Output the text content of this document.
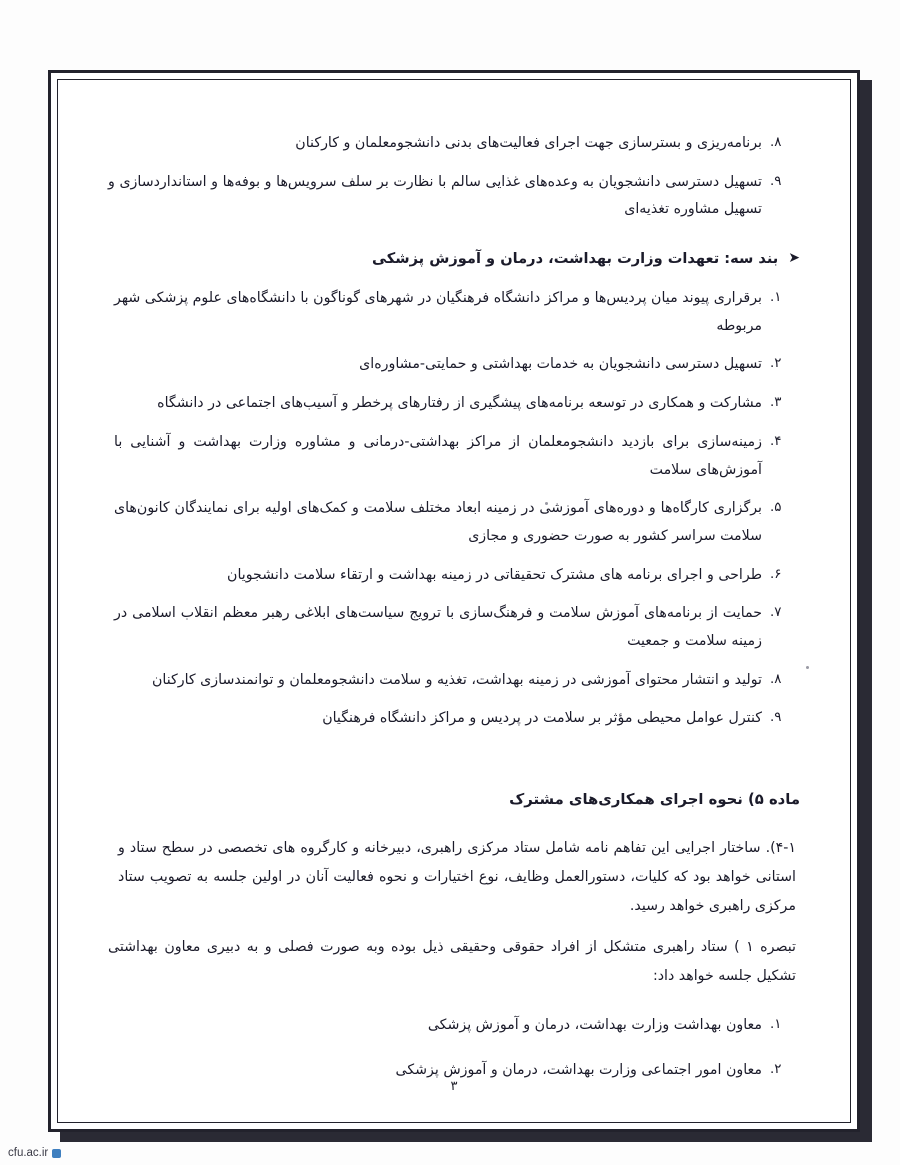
۸.
برنامه‌ریزی و بسترسازی جهت اجرای فعالیت‌های بدنی دانشجومعلمان و کارکنان
۹.
تسهیل دسترسی دانشجویان به وعده‌های غذایی سالم با نظارت بر سلف سرویس‌ها و بوفه‌ها و استانداردسازی و تسهیل مشاوره تغذیه‌ای
➤
بند سه: تعهدات وزارت بهداشت، درمان و آموزش پزشکی
۱.
برقراری پیوند میان پردیس‌ها و مراکز دانشگاه فرهنگیان در شهرهای گوناگون با دانشگاه‌های علوم پزشکی شهر مربوطه
۲.
تسهیل دسترسی دانشجویان به خدمات بهداشتی و حمایتی-مشاوره‌ای
۳.
مشارکت و همکاری در توسعه برنامه‌های پیشگیری از رفتارهای پرخطر و آسیب‌های اجتماعی در دانشگاه
۴.
زمینه‌سازی برای بازدید دانشجومعلمان از مراکز بهداشتی-درمانی و مشاوره وزارت بهداشت و آشنایی با آموزش‌های سلامت
۵.
برگزاری کارگاه‌ها و دوره‌های آموزشی در زمینه ابعاد مختلف سلامت و کمک‌های اولیه برای نمایندگان کانون‌های سلامت سراسر کشور به صورت حضوری و مجازی
۶.
طراحی و اجرای برنامه های مشترک تحقیقاتی در زمینه بهداشت و ارتقاء سلامت دانشجویان
۷.
حمایت از برنامه‌های آموزش سلامت و فرهنگ‌سازی با ترویج سیاست‌های ابلاغی رهبر معظم انقلاب اسلامی در زمینه سلامت و جمعیت
۸.
تولید و انتشار محتوای آموزشی در زمینه بهداشت، تغذیه و سلامت دانشجومعلمان و توانمندسازی کارکنان
۹.
کنترل عوامل محیطی مؤثر بر سلامت در پردیس و مراکز دانشگاه فرهنگیان
ماده ۵) نحوه اجرای همکاری‌های مشترک

۴-۱). ساختار اجرایی این تفاهم نامه شامل ستاد مرکزی راهبری، دبیرخانه و کارگروه های تخصصی در سطح ستاد و استانی خواهد بود که کلیات، دستورالعمل وظایف، نوع اختیارات و نحوه فعالیت آنان در اولین جلسه به تصویب ستاد مرکزی راهبری خواهد رسید.

تبصره ۱ ) ستاد راهبری متشکل از افراد حقوقی وحقیقی ذیل بوده وبه صورت فصلی و به دبیری معاون بهداشتی تشکیل جلسه خواهد داد:

۱.
معاون بهداشت وزارت بهداشت، درمان و آموزش پزشکی
۲.
معاون امور اجتماعی وزارت بهداشت، درمان و آموزش پزشکی
۳
cfu.ac.ir
